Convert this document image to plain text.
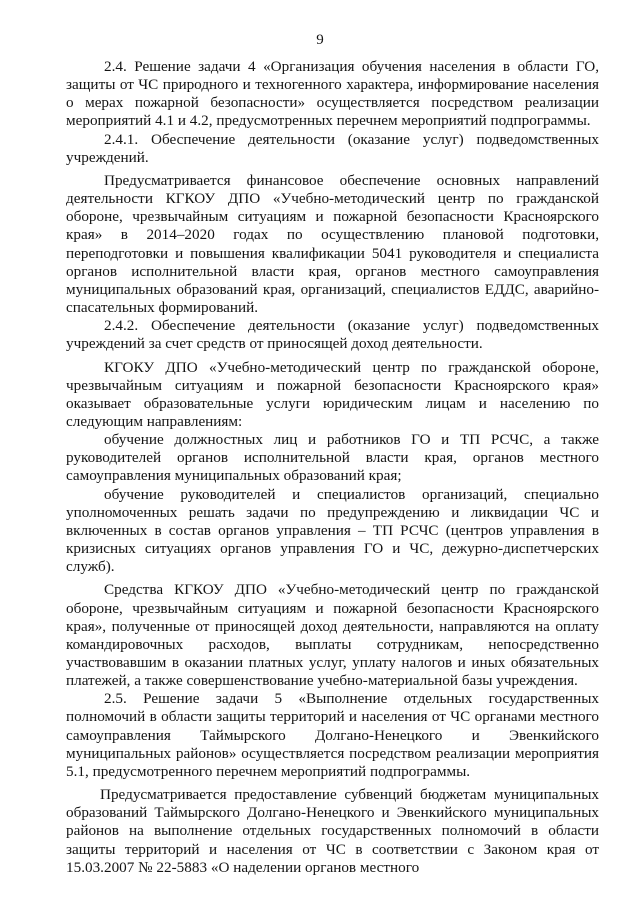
9

2.4. Решение задачи 4 «Организация обучения населения в области ГО, защиты от ЧС природного и техногенного характера, информирование населения о мерах пожарной безопасности» осуществляется посредством реализации мероприятий 4.1 и 4.2, предусмотренных перечнем мероприятий подпрограммы.

2.4.1. Обеспечение деятельности (оказание услуг) подведомственных учреждений.

Предусматривается финансовое обеспечение основных направлений деятельности КГКОУ ДПО «Учебно-методический центр по гражданской обороне, чрезвычайным ситуациям и пожарной безопасности Красноярского края» в 2014–2020 годах по осуществлению плановой подготовки, переподготовки и повышения квалификации 5041 руководителя и специалиста органов исполнительной власти края, органов местного самоуправления муниципальных образований края, организаций, специалистов ЕДДС, аварийно-спасательных формирований.

2.4.2. Обеспечение деятельности (оказание услуг) подведомственных учреждений за счет средств от приносящей доход деятельности.

КГОКУ ДПО «Учебно-методический центр по гражданской обороне, чрезвычайным ситуациям и пожарной безопасности Красноярского края» оказывает образовательные услуги юридическим лицам и населению по следующим направлениям:

обучение должностных лиц и работников ГО и ТП РСЧС, а также руководителей органов исполнительной власти края, органов местного самоуправления муниципальных образований края;

обучение руководителей и специалистов организаций, специально уполномоченных решать задачи по предупреждению и ликвидации ЧС и включенных в состав органов управления – ТП РСЧС (центров управления в кризисных ситуациях органов управления ГО и ЧС, дежурно-диспетчерских служб).

Средства КГКОУ ДПО «Учебно-методический центр по гражданской обороне, чрезвычайным ситуациям и пожарной безопасности Красноярского края», полученные от приносящей доход деятельности, направляются на оплату командировочных расходов, выплаты сотрудникам, непосредственно участвовавшим в оказании платных услуг, уплату налогов и иных обязательных платежей, а также совершенствование учебно-материальной базы учреждения.

2.5. Решение задачи 5 «Выполнение отдельных государственных полномочий в области защиты территорий и населения от ЧС органами местного самоуправления Таймырского Долгано-Ненецкого и Эвенкийского муниципальных районов» осуществляется посредством реализации мероприятия 5.1, предусмотренного перечнем мероприятий подпрограммы.

Предусматривается предоставление субвенций бюджетам муниципальных образований Таймырского Долгано-Ненецкого и Эвенкийского муниципальных районов на выполнение отдельных государственных полномочий в области защиты территорий и населения от ЧС в соответствии с Законом края от 15.03.2007 № 22-5883 «О наделении органов местного
